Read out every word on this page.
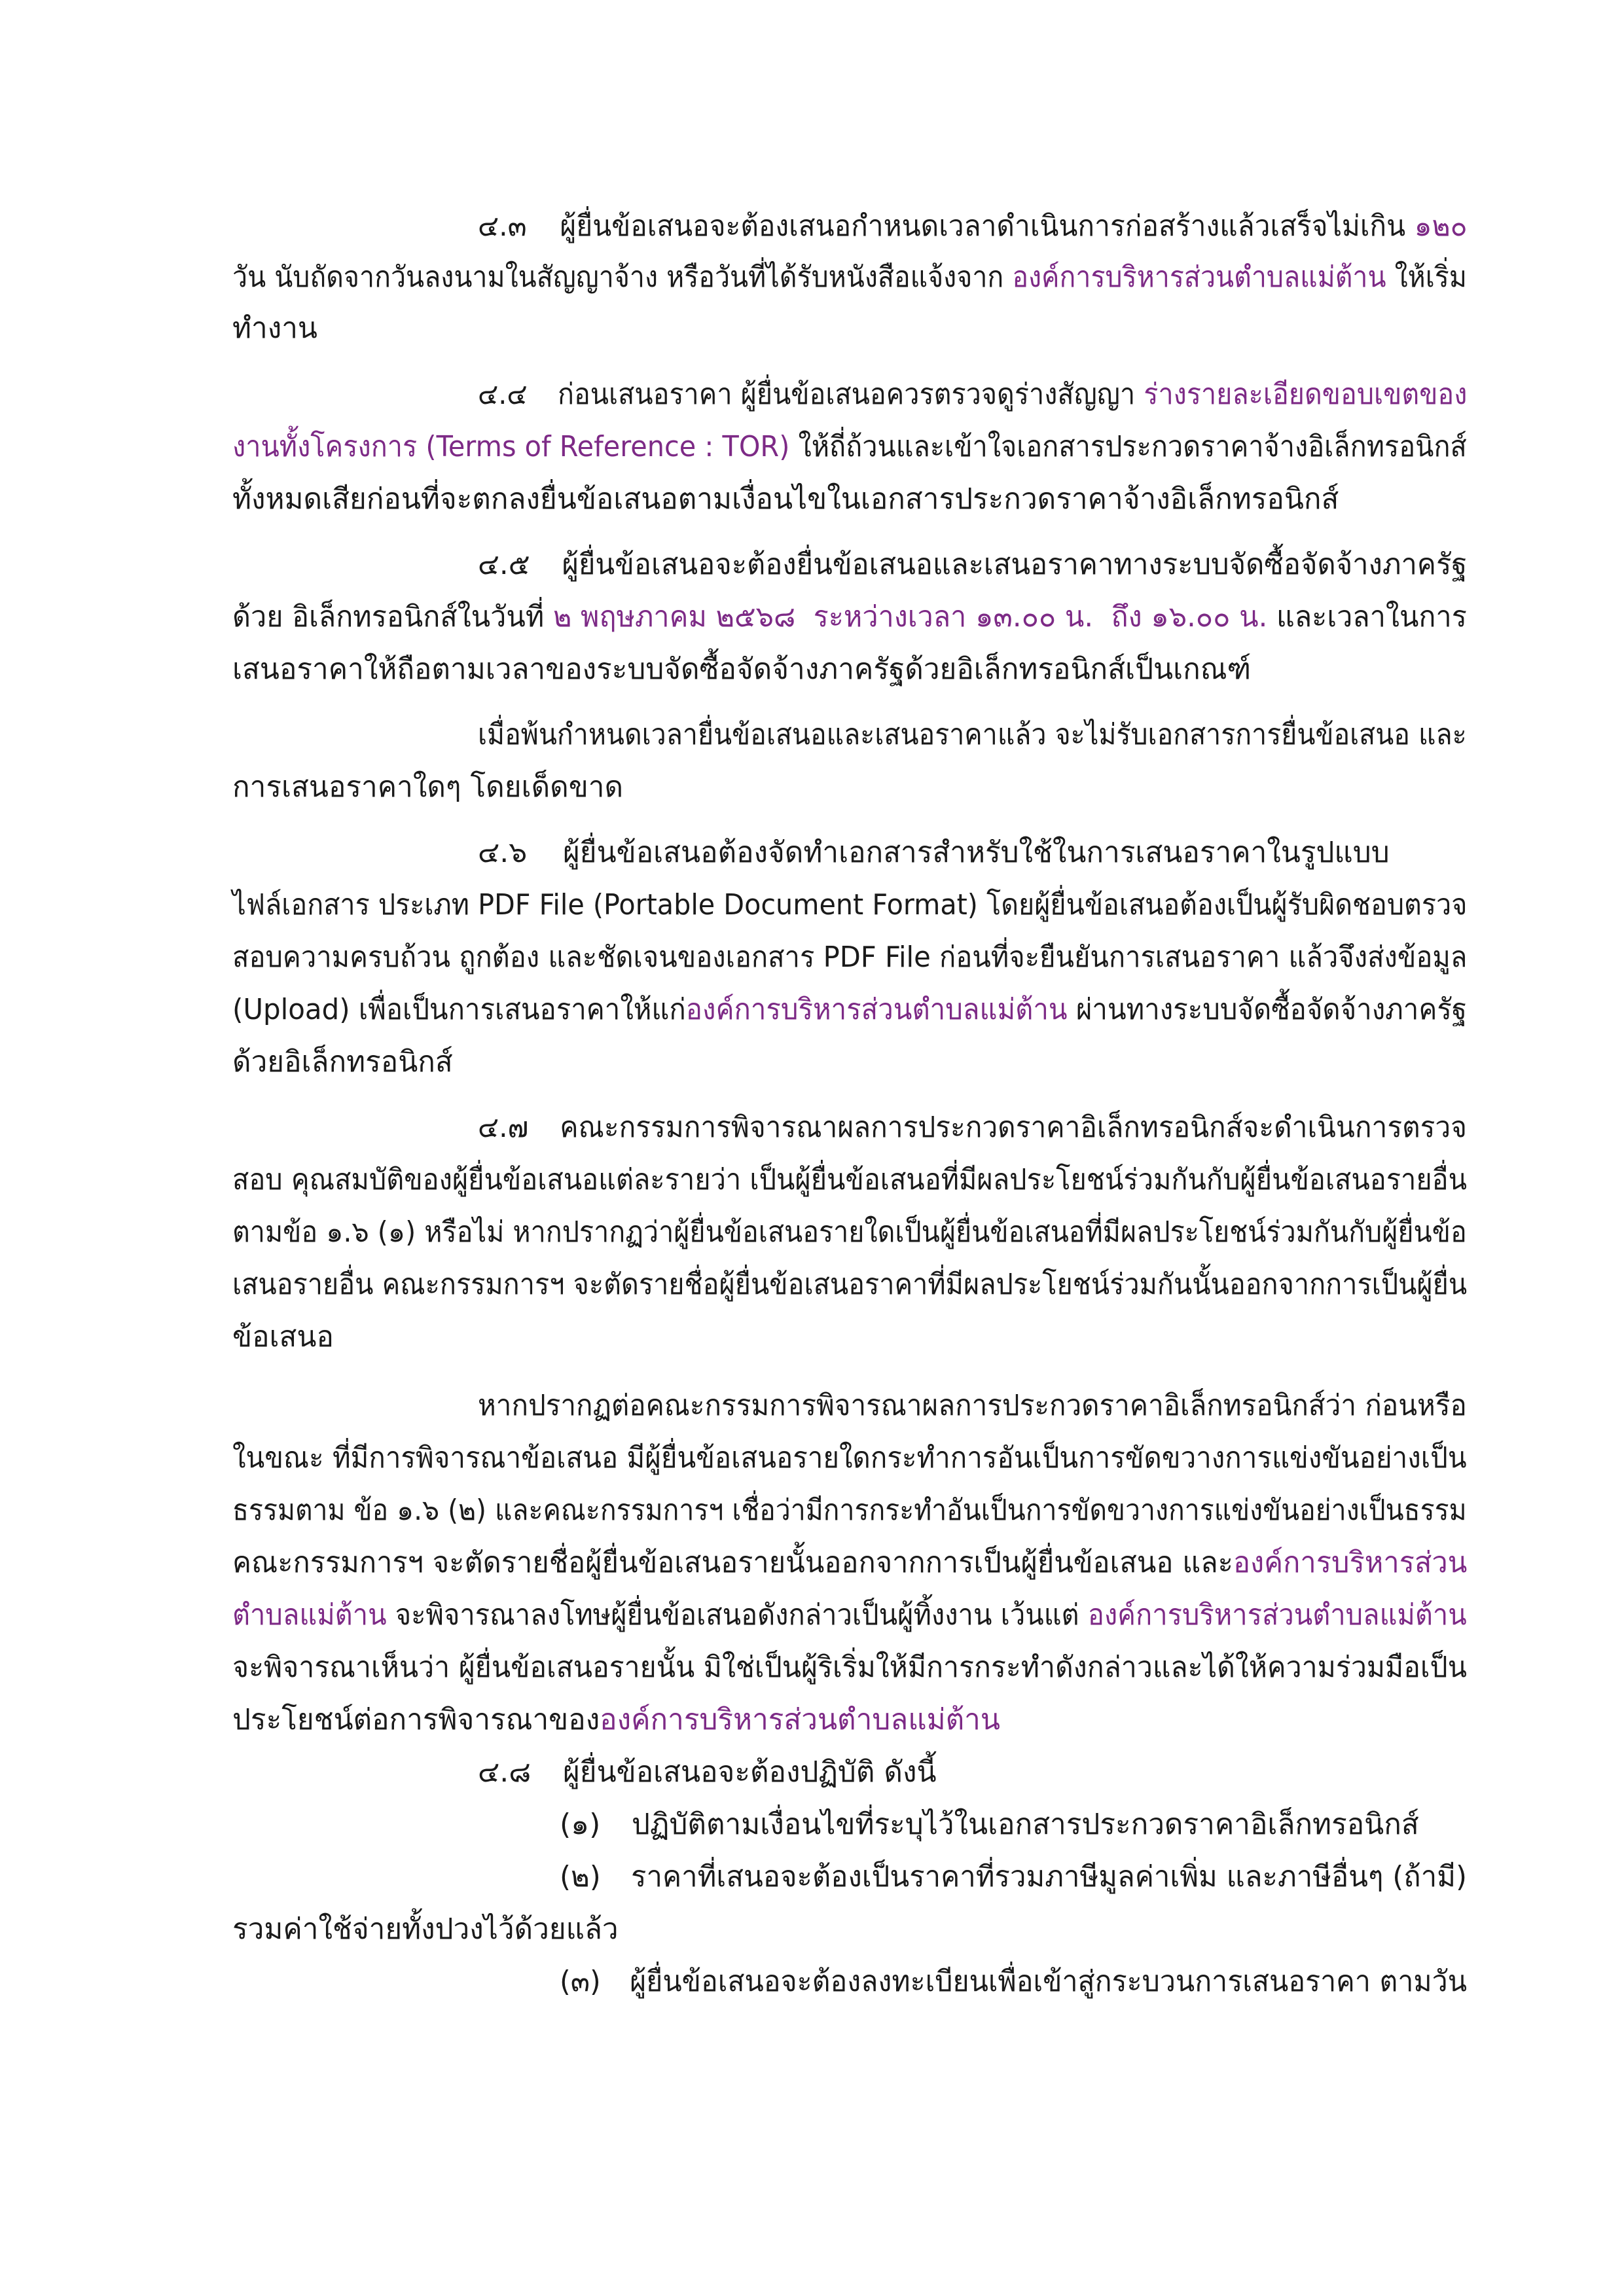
๔.๓ ผู้ยื่นข้อเสนอจะต้องเสนอกำหนดเวลาดำเนินการก่อสร้างแล้วเสร็จไม่เกิน ๑๒๐
วัน นับถัดจากวันลงนามในสัญญาจ้าง หรือวันที่ได้รับหนังสือแจ้งจาก องค์การบริหารส่วนตำบลแม่ต้าน ให้เริ่ม
ทำงาน
๔.๔ ก่อนเสนอราคา ผู้ยื่นข้อเสนอควรตรวจดูร่างสัญญา ร่างรายละเอียดขอบเขตของ
งานทั้งโครงการ (Terms of Reference : TOR) ให้ถี่ถ้วนและเข้าใจเอกสารประกวดราคาจ้างอิเล็กทรอนิกส์
ทั้งหมดเสียก่อนที่จะตกลงยื่นข้อเสนอตามเงื่อนไขในเอกสารประกวดราคาจ้างอิเล็กทรอนิกส์
๔.๕ ผู้ยื่นข้อเสนอจะต้องยื่นข้อเสนอและเสนอราคาทางระบบจัดซื้อจัดจ้างภาครัฐ
ด้วย อิเล็กทรอนิกส์ในวันที่ ๒ พฤษภาคม ๒๕๖๘  ระหว่างเวลา ๑๓.๐๐ น.  ถึง ๑๖.๐๐ น. และเวลาในการ
เสนอราคาให้ถือตามเวลาของระบบจัดซื้อจัดจ้างภาครัฐด้วยอิเล็กทรอนิกส์เป็นเกณฑ์
เมื่อพ้นกำหนดเวลายื่นข้อเสนอและเสนอราคาแล้ว จะไม่รับเอกสารการยื่นข้อเสนอ และ
การเสนอราคาใดๆ โดยเด็ดขาด
๔.๖ ผู้ยื่นข้อเสนอต้องจัดทำเอกสารสำหรับใช้ในการเสนอราคาในรูปแบบ
ไฟล์เอกสาร ประเภท PDF File (Portable Document Format) โดยผู้ยื่นข้อเสนอต้องเป็นผู้รับผิดชอบตรวจ
สอบความครบถ้วน ถูกต้อง และชัดเจนของเอกสาร PDF File ก่อนที่จะยืนยันการเสนอราคา แล้วจึงส่งข้อมูล
(Upload) เพื่อเป็นการเสนอราคาให้แก่องค์การบริหารส่วนตำบลแม่ต้าน ผ่านทางระบบจัดซื้อจัดจ้างภาครัฐ
ด้วยอิเล็กทรอนิกส์
๔.๗ คณะกรรมการพิจารณาผลการประกวดราคาอิเล็กทรอนิกส์จะดำเนินการตรวจ
สอบ คุณสมบัติของผู้ยื่นข้อเสนอแต่ละรายว่า เป็นผู้ยื่นข้อเสนอที่มีผลประโยชน์ร่วมกันกับผู้ยื่นข้อเสนอรายอื่น
ตามข้อ ๑.๖ (๑) หรือไม่ หากปรากฏว่าผู้ยื่นข้อเสนอรายใดเป็นผู้ยื่นข้อเสนอที่มีผลประโยชน์ร่วมกันกับผู้ยื่นข้อ
เสนอรายอื่น คณะกรรมการฯ จะตัดรายชื่อผู้ยื่นข้อเสนอราคาที่มีผลประโยชน์ร่วมกันนั้นออกจากการเป็นผู้ยื่น
ข้อเสนอ
หากปรากฏต่อคณะกรรมการพิจารณาผลการประกวดราคาอิเล็กทรอนิกส์ว่า ก่อนหรือ
ในขณะ ที่มีการพิจารณาข้อเสนอ มีผู้ยื่นข้อเสนอรายใดกระทำการอันเป็นการขัดขวางการแข่งขันอย่างเป็น
ธรรมตาม ข้อ ๑.๖ (๒) และคณะกรรมการฯ เชื่อว่ามีการกระทำอันเป็นการขัดขวางการแข่งขันอย่างเป็นธรรม
คณะกรรมการฯ จะตัดรายชื่อผู้ยื่นข้อเสนอรายนั้นออกจากการเป็นผู้ยื่นข้อเสนอ และองค์การบริหารส่วน
ตำบลแม่ต้าน จะพิจารณาลงโทษผู้ยื่นข้อเสนอดังกล่าวเป็นผู้ทิ้งงาน เว้นแต่ องค์การบริหารส่วนตำบลแม่ต้าน
จะพิจารณาเห็นว่า ผู้ยื่นข้อเสนอรายนั้น มิใช่เป็นผู้ริเริ่มให้มีการกระทำดังกล่าวและได้ให้ความร่วมมือเป็น
ประโยชน์ต่อการพิจารณาขององค์การบริหารส่วนตำบลแม่ต้าน
๔.๘ ผู้ยื่นข้อเสนอจะต้องปฏิบัติ ดังนี้
(๑) ปฏิบัติตามเงื่อนไขที่ระบุไว้ในเอกสารประกวดราคาอิเล็กทรอนิกส์
(๒) ราคาที่เสนอจะต้องเป็นราคาที่รวมภาษีมูลค่าเพิ่ม และภาษีอื่นๆ (ถ้ามี)
รวมค่าใช้จ่ายทั้งปวงไว้ด้วยแล้ว
(๓) ผู้ยื่นข้อเสนอจะต้องลงทะเบียนเพื่อเข้าสู่กระบวนการเสนอราคา ตามวัน
